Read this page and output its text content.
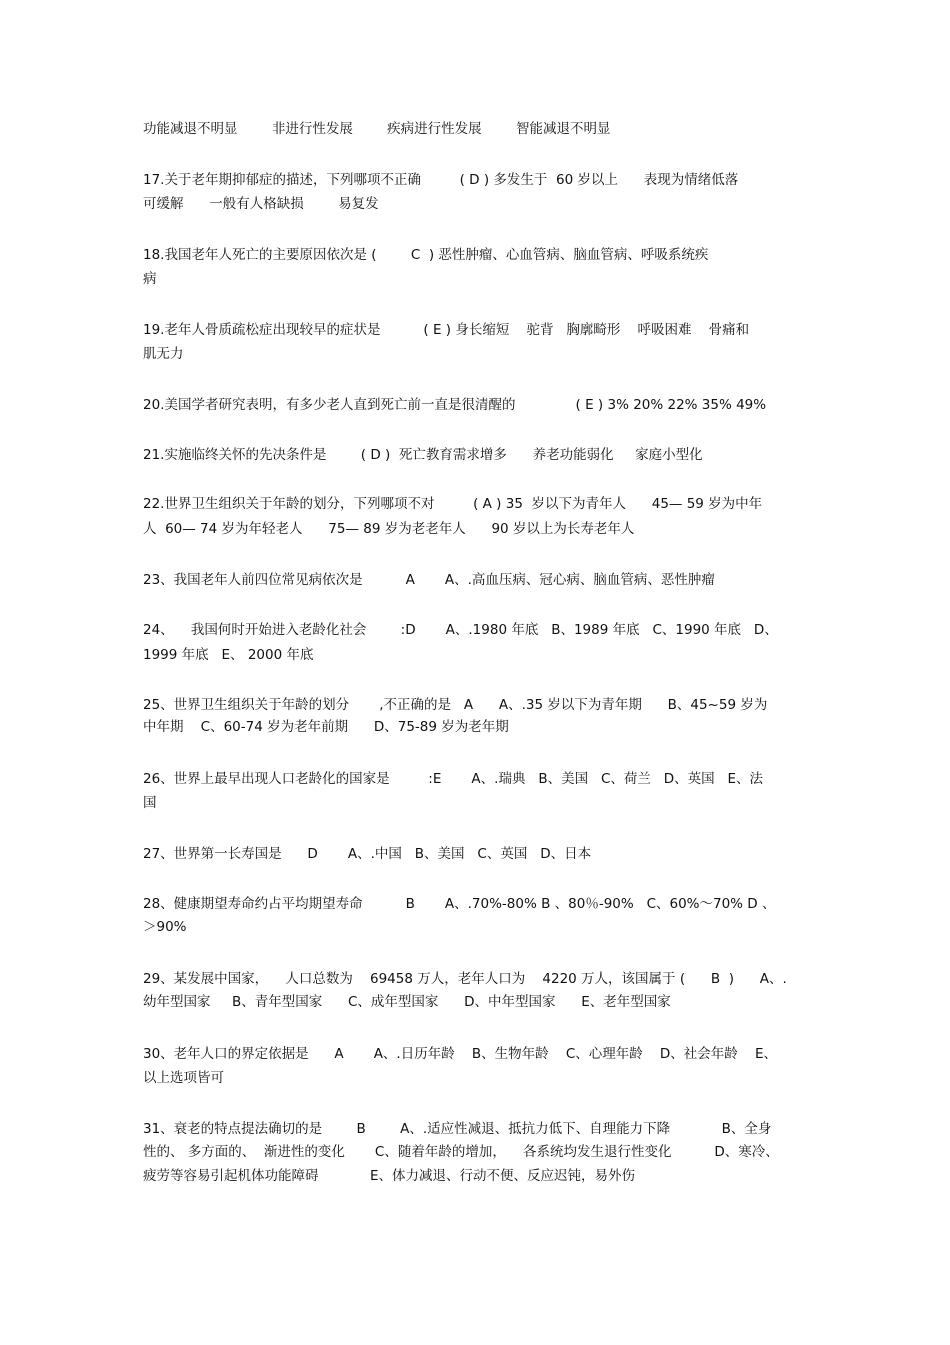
功能减退不明显        非进行性发展        疾病进行性发展        智能减退不明显
17.关于老年期抑郁症的描述，下列哪项不正确         ( D ) 多发生于  60 岁以上      表现为情绪低落
可缓解      一般有人格缺损        易复发
18.我国老年人死亡的主要原因依次是 (        C  ) 恶性肿瘤、心血管病、脑血管病、呼吸系统疾
病
19.老年人骨质疏松症出现较早的症状是          ( E ) 身长缩短    驼背   胸廓畸形    呼吸困难    骨痛和
肌无力
20.美国学者研究表明，有多少老人直到死亡前一直是很清醒的              ( E ) 3% 20% 22% 35% 49%
21.实施临终关怀的先决条件是        ( D )  死亡教育需求增多      养老功能弱化     家庭小型化
22.世界卫生组织关于年龄的划分，下列哪项不对         ( A ) 35  岁以下为青年人      45— 59 岁为中年
人  60— 74 岁为年轻老人      75— 89 岁为老老年人      90 岁以上为长寿老年人
23、我国老年人前四位常见病依次是          A       A、.高血压病、冠心病、脑血管病、恶性肿瘤
24、    我国何时开始进入老龄化社会        :D       A、.1980 年底   B、1989 年底   C、1990 年底   D、
1999 年底   E、 2000 年底
25、世界卫生组织关于年龄的划分       ,不正确的是   A      A、.35 岁以下为青年期      B、45~59 岁为
中年期    C、60-74 岁为老年前期      D、75-89 岁为老年期
26、世界上最早出现人口老龄化的国家是         :E       A、.瑞典   B、美国   C、荷兰   D、英国   E、法
国
27、世界第一长寿国是      D       A、.中国   B、美国   C、英国   D、日本
28、健康期望寿命约占平均期望寿命          B       A、.70%-80% B 、80％-90%   C、60%～70% D 、
＞90%
29、某发展中国家，    人口总数为    69458 万人，老年人口为    4220 万人，该国属于 (      B  )      A、.
幼年型国家     B、青年型国家      C、成年型国家      D、中年型国家      E、老年型国家
30、老年人口的界定依据是      A       A、.日历年龄    B、生物年龄    C、心理年龄    D、社会年龄    E、
以上选项皆可
31、衰老的特点提法确切的是        B        A、.适应性减退、抵抗力低下、自理能力下降            B、全身
性的、 多方面的、  渐进性的变化       C、随着年龄的增加，    各系统均发生退行性变化          D、寒冷、
疲劳等容易引起机体功能障碍            E、体力减退、行动不便、反应迟钝，易外伤
